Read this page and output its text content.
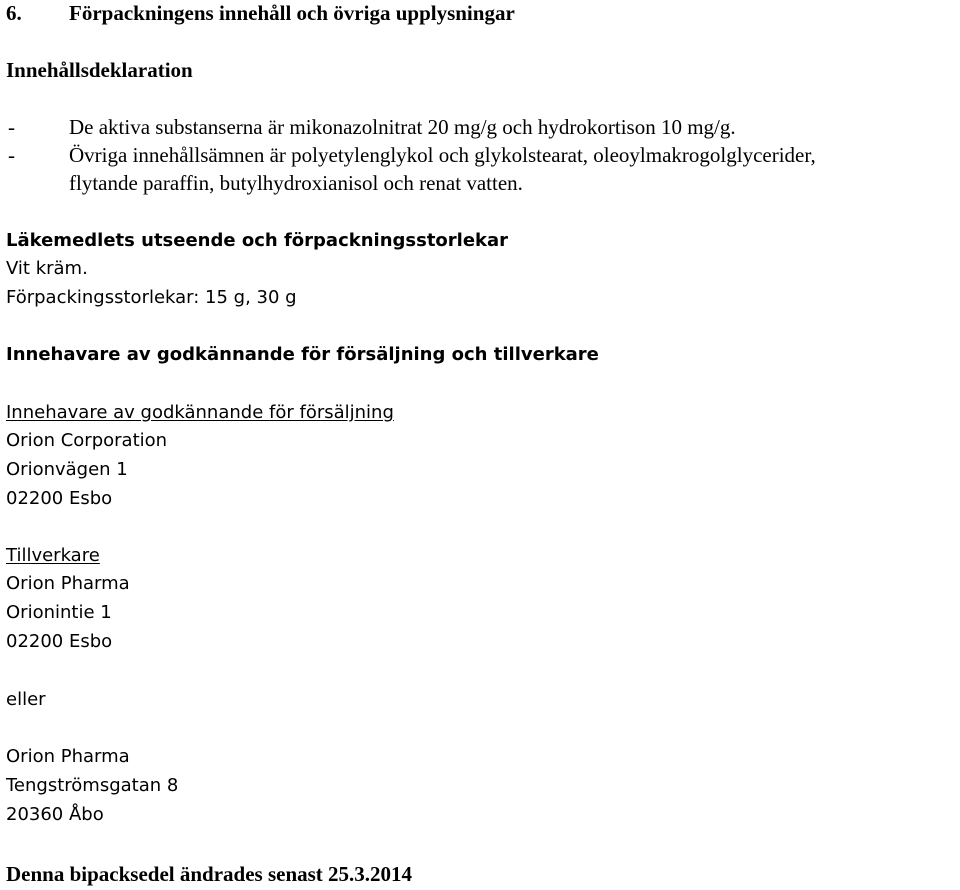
6. Förpackningens innehåll och övriga upplysningar
Innehållsdeklaration
-	De aktiva substanserna är mikonazolnitrat 20 mg/g och hydrokortison 10 mg/g.
-	Övriga innehållsämnen är polyetylenglykol och glykolstearat, oleoylmakrogolglycerider,
flytande paraffin, butylhydroxianisol och renat vatten.
Läkemedlets utseende och förpackningsstorlekar
Vit kräm.
Förpackingsstorlekar: 15 g, 30 g
Innehavare av godkännande för försäljning och tillverkare
Innehavare av godkännande för försäljning
Orion Corporation
Orionvägen 1
02200 Esbo
Tillverkare
Orion Pharma
Orionintie 1
02200 Esbo
eller
Orion Pharma
Tengströmsgatan 8
20360 Åbo
Denna bipacksedel ändrades senast 25.3.2014
